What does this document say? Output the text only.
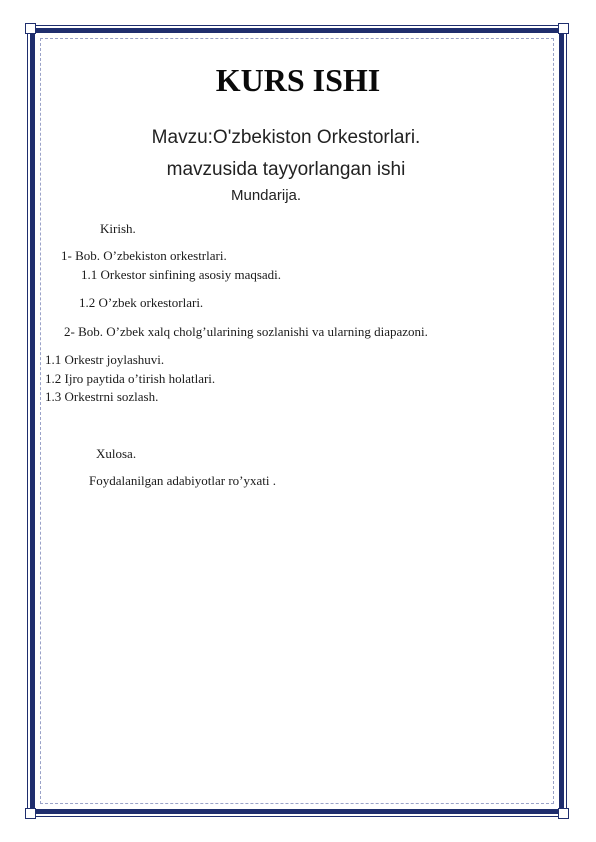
KURS ISHI
Mavzu:O'zbekiston Orkestorlari.
mavzusida tayyorlangan ishi
Mundarija.
Kirish.
1- Bob. O’zbekiston orkestrlari.
1.1 Orkestor sinfining asosiy maqsadi.
1.2 O’zbek orkestorlari.
2- Bob. O’zbek xalq cholg’ularining sozlanishi va ularning diapazoni.
1.1 Orkestr joylashuvi.
1.2 Ijro paytida o’tirish holatlari.
1.3 Orkestrni sozlash.
Xulosa.
Foydalanilgan adabiyotlar ro’yxati .
